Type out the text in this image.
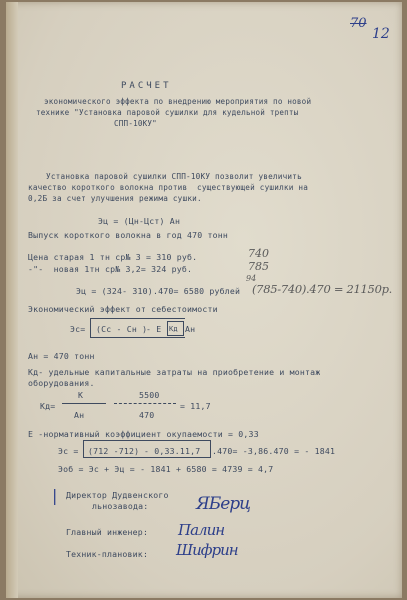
70
12
РАСЧЕТ
экономического эффекта по внедрению мероприятия по новой
технике "Установка паровой сушилки для кудельной трепты
СПП-10КУ"
Установка паровой сушилки СПП-10КУ позволит увеличить
качество короткого волокна против  существующей сушилки на
0,2Б за счет улучшения режима сушки.
Эц = (Цн-Цст) Ан
Выпуск короткого волокна в год 470 тонн
Цена старая 1 тн ср№ 3 = 310 руб.
-"-  новая 1тн ср№ 3,2= 324 руб.
740
785
Эц = (324- 310).470= 6580 рублей
94
(785-740).470 = 21150р.
Экономический эффект от себестоимости
Эс= (Сс - Сн )
- Е Кд Ан
Ан = 470 тонн
Кд- удельные капитальные затраты на приобретение и монтаж
оборудования.
Кд=
К
Ан
5500
470
= 11,7
Е -нормативный коэффициент окупаемости = 0,33
Эс = (712 -712) - 0,33.11,7 .470= -3,86.470 = - 1841
Эоб = Эс + Эц = - 1841 + 6580 = 4739 = 4,7
| Директор Дудвенского
льнозавода:	ЯБерц
Главный инженер: Палин
Техник-плановик: Шифрин
